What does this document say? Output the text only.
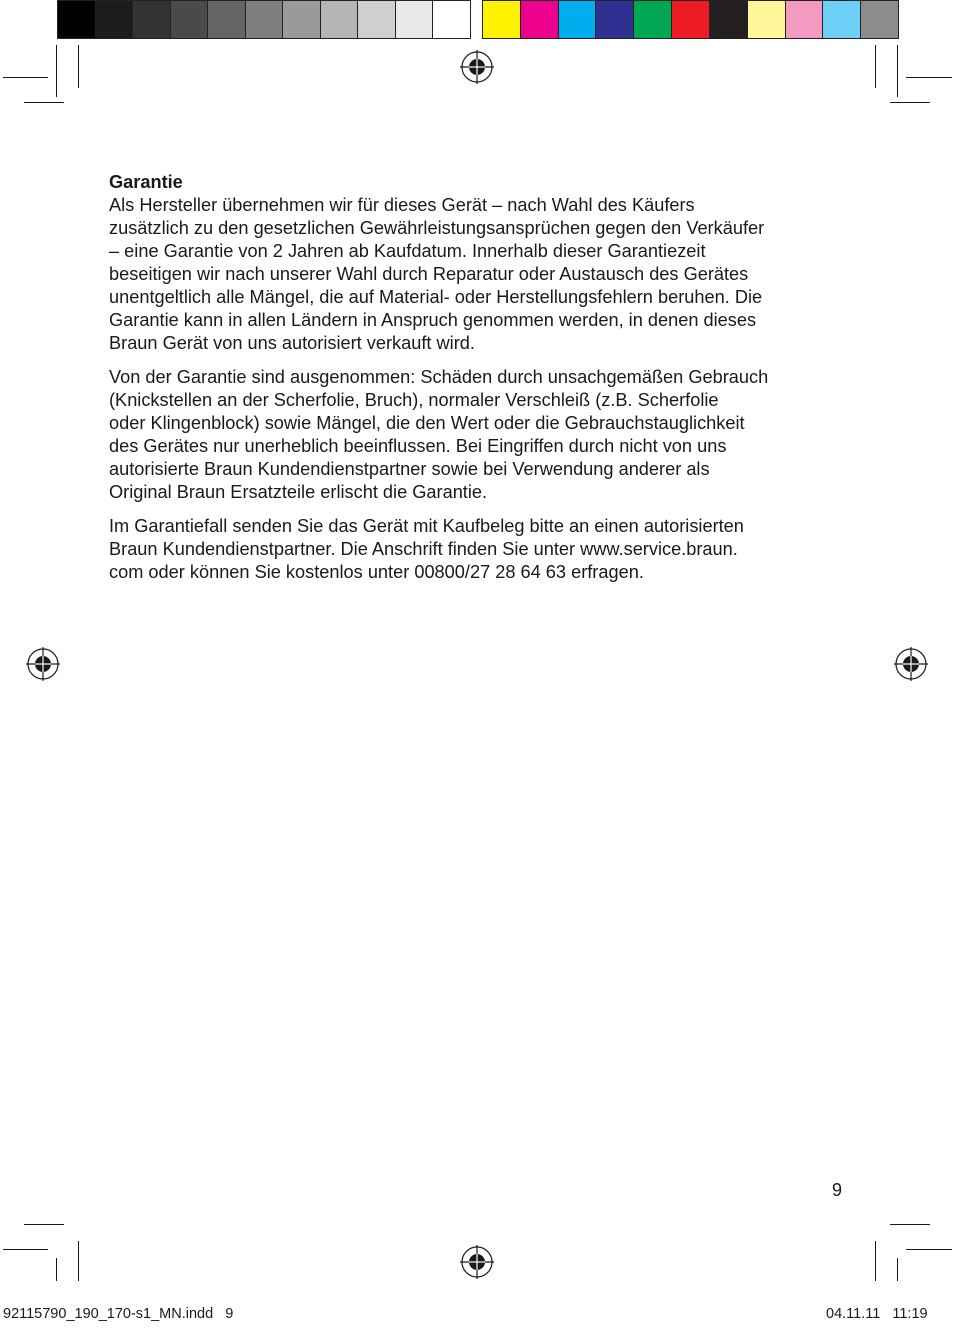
Garantie

Als Hersteller übernehmen wir für dieses Gerät – nach Wahl des Käufers
zusätzlich zu den gesetzlichen Gewährleistungsansprüchen gegen den Verkäufer
– eine Garantie von 2 Jahren ab Kaufdatum. Innerhalb dieser Garantiezeit
beseitigen wir nach unserer Wahl durch Reparatur oder Austausch des Gerätes
unentgeltlich alle Mängel, die auf Material- oder Herstellungsfehlern beruhen. Die
Garantie kann in allen Ländern in Anspruch genommen werden, in denen dieses
Braun Gerät von uns autorisiert verkauft wird.

Von der Garantie sind ausgenommen: Schäden durch unsachgemäßen Gebrauch
(Knickstellen an der Scherfolie, Bruch), normaler Verschleiß (z.B. Scherfolie
oder Klingenblock) sowie Mängel, die den Wert oder die Gebrauchstauglichkeit
des Gerätes nur unerheblich beeinflussen. Bei Eingriffen durch nicht von uns
autorisierte Braun Kundendienstpartner sowie bei Verwendung anderer als
Original Braun Ersatzteile erlischt die Garantie.

Im Garantiefall senden Sie das Gerät mit Kaufbeleg bitte an einen autorisierten
Braun Kundendienstpartner. Die Anschrift finden Sie unter www.service.braun.
com oder können Sie kostenlos unter 00800/27 28 64 63 erfragen.

9
92115790_190_170-s1_MN.indd   9	04.11.11   11:19
